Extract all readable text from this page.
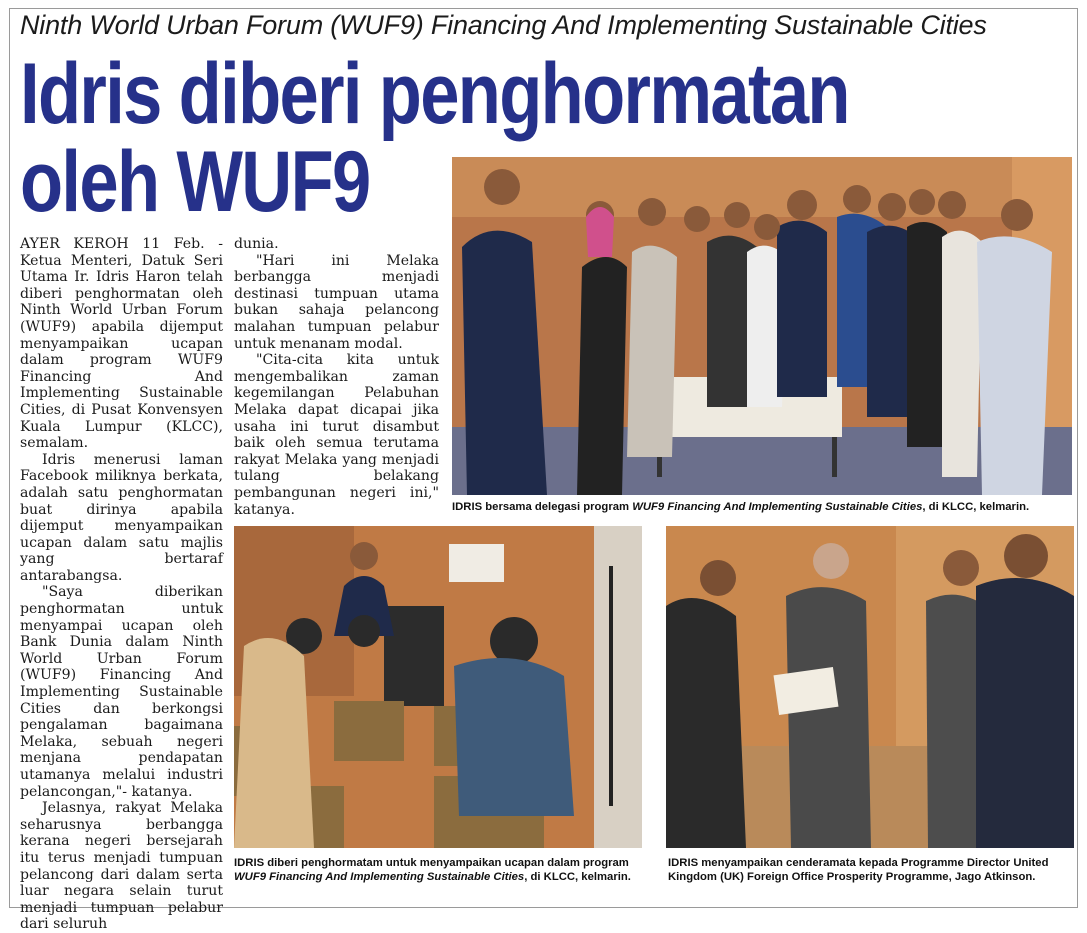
Ninth World Urban Forum (WUF9) Financing And Implementing Sustainable Cities
Idris diberi penghormatan
oleh WUF9

AYER KEROH 11 Feb. - Ketua Menteri, Datuk Seri Utama Ir. Idris Haron telah diberi penghormatan oleh Ninth World Urban Forum (WUF9) apabila dijemput menyampaikan ucapan dalam program WUF9 Financing And Implementing Sustainable Cities, di Pusat Konvensyen Kuala Lumpur (KLCC), semalam.

Idris menerusi laman Facebook miliknya berkata, adalah satu penghormatan buat dirinya apabila dijemput menyampaikan ucapan dalam satu majlis yang bertaraf antarabangsa.

"Saya diberikan penghormatan untuk menyampai ucapan oleh Bank Dunia dalam Ninth World Urban Forum (WUF9) Financing And Implementing Sustainable Cities dan berkongsi pengalaman bagaimana Melaka, sebuah negeri menjana pendapatan utamanya melalui industri pelancongan,"- katanya.

Jelasnya, rakyat Melaka seharusnya berbangga kerana negeri bersejarah itu terus menjadi tumpuan pelancong dari dalam serta luar negara selain turut menjadi tumpuan pelabur dari seluruh

dunia.

"Hari ini Melaka berbangga menjadi destinasi tumpuan utama bukan sahaja pelancong malahan tumpuan pelabur untuk menanam modal.

"Cita-cita kita untuk mengembalikan zaman kegemilangan Pelabuhan Melaka dapat dicapai jika usaha ini turut disambut baik oleh semua terutama rakyat Melaka yang menjadi tulang belakang pembangunan negeri ini," katanya.	IDRIS bersama delegasi program WUF9 Financing And Implementing Sustainable Cities, di KLCC, kelmarin.
IDRIS diberi penghormatam untuk menyampaikan ucapan dalam program WUF9 Financing And Implementing Sustainable Cities, di KLCC, kelmarin.
IDRIS menyampaikan cenderamata kepada Programme Director United Kingdom (UK) Foreign Office Prosperity Programme, Jago Atkinson.
